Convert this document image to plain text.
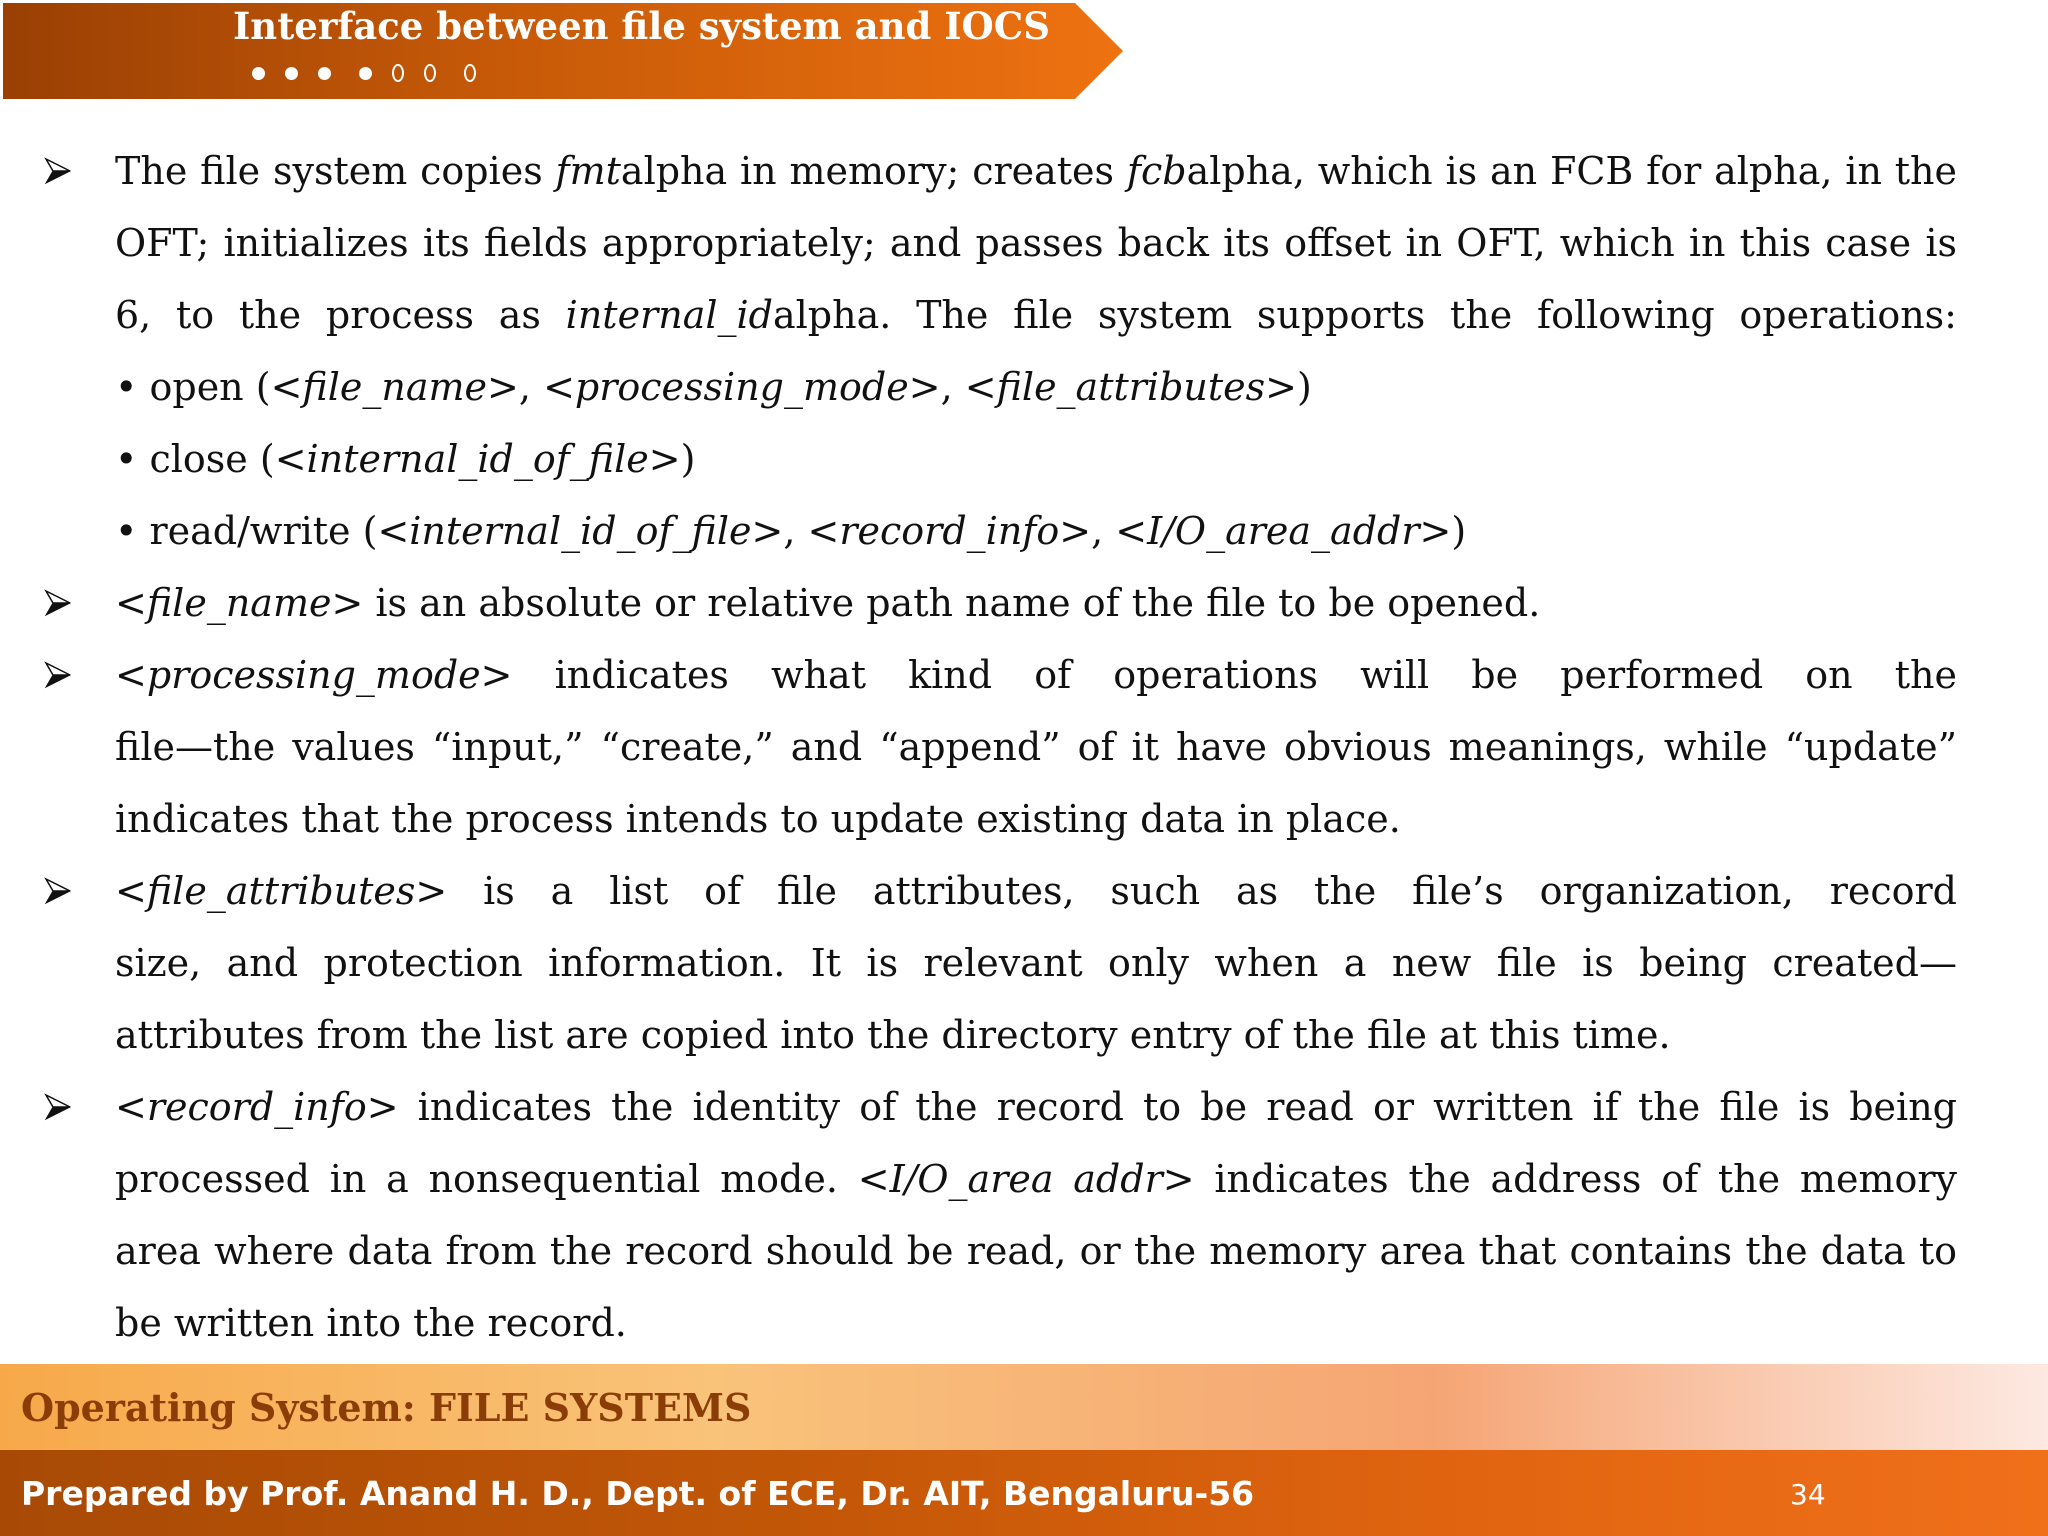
Interface between file system and IOCS
The file system copies fmtalpha in memory; creates fcbalpha, which is an FCB for alpha, in the
OFT; initializes its fields appropriately; and passes back its offset in OFT, which in this case is
6, to the process as internal_idalpha. The file system supports the following operations:
• open (<file_name>, <processing_mode>, <file_attributes>)
• close (<internal_id_of_file>)
• read/write (<internal_id_of_file>, <record_info>, <I/O_area_addr>)
<file_name> is an absolute or relative path name of the file to be opened.
<processing_mode> indicates what kind of operations will be performed on the
file—the values “input,” “create,” and “append” of it have obvious meanings, while “update”
indicates that the process intends to update existing data in place.
<file_attributes> is a list of file attributes, such as the file’s organization, record
size, and protection information. It is relevant only when a new file is being created—
attributes from the list are copied into the directory entry of the file at this time.
<record_info> indicates the identity of the record to be read or written if the file is being
processed in a nonsequential mode. <I/O_area addr> indicates the address of the memory
area where data from the record should be read, or the memory area that contains the data to
be written into the record.
Operating System: FILE SYSTEMS
Prepared by Prof. Anand H. D., Dept. of ECE, Dr. AIT, Bengaluru-56	34
